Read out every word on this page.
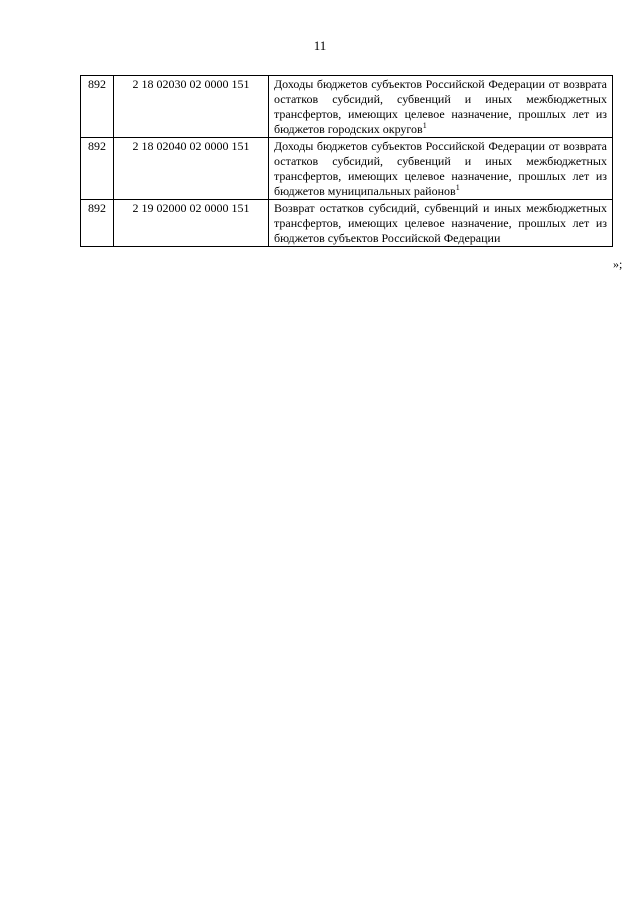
11
892	2 18 02030 02 0000 151	Доходы бюджетов субъектов Российской Федерации от возврата остатков субсидий, субвенций и иных межбюджетных трансфертов, имеющих целевое назначение, прошлых лет из бюджетов городских округов$^1$
892	2 18 02040 02 0000 151	Доходы бюджетов субъектов Российской Федерации от возврата остатков субсидий, субвенций и иных межбюджетных трансфертов, имеющих целевое назначение, прошлых лет из бюджетов муниципальных районов$^1$
892	2 19 02000 02 0000 151	Возврат остатков субсидий, субвенций и иных межбюджетных трансфертов, имеющих целевое назначение, прошлых лет из бюджетов субъектов Российской Федерации
»;
